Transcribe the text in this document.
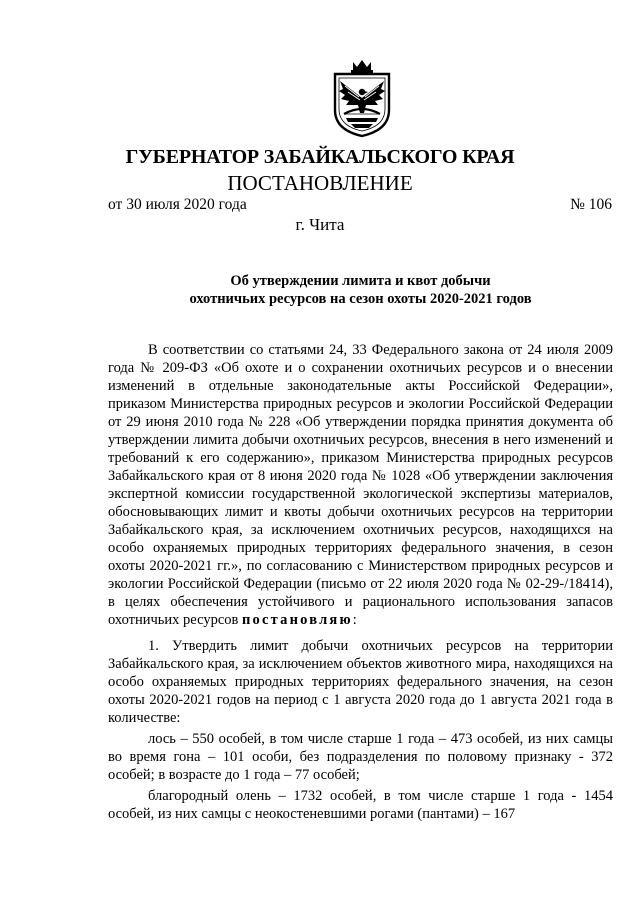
ГУБЕРНАТОР ЗАБАЙКАЛЬСКОГО КРАЯ
ПОСТАНОВЛЕНИЕ
от 30 июля 2020 года	№ 106
г. Чита
Об утверждении лимита и квот добычи
охотничьих ресурсов на сезон охоты 2020-2021 годов

В соответствии со статьями 24, 33 Федерального закона от 24 июля 2009 года № 209-ФЗ «Об охоте и о сохранении охотничьих ресурсов и о внесении изменений в отдельные законодательные акты Российской Федерации», приказом Министерства природных ресурсов и экологии Российской Федерации от 29 июня 2010 года № 228 «Об утверждении порядка принятия документа об утверждении лимита добычи охотничьих ресурсов, внесения в него изменений и требований к его содержанию», приказом Министерства природных ресурсов Забайкальского края от 8 июня 2020 года № 1028 «Об утверждении заключения экспертной комиссии государственной экологической экспертизы материалов, обосновывающих лимит и квоты добычи охотничьих ресурсов на территории Забайкальского края, за исключением охотничьих ресурсов, находящихся на особо охраняемых природных территориях федерального значения, в сезон охоты 2020-2021 гг.», по согласованию с Министерством природных ресурсов и экологии Российской Федерации (письмо от 22 июля 2020 года № 02-29-/18414), в целях обеспечения устойчивого и рационального использования запасов охотничьих ресурсов постановляю:

1. Утвердить лимит добычи охотничьих ресурсов на территории Забайкальского края, за исключением объектов животного мира, находящихся на особо охраняемых природных территориях федерального значения, на сезон охоты 2020-2021 годов на период с 1 августа 2020 года до 1 августа 2021 года в количестве:

лось – 550 особей, в том числе старше 1 года – 473 особей, из них самцы во время гона – 101 особи, без подразделения по половому признаку - 372 особей; в возрасте до 1 года – 77 особей;

благородный олень – 1732 особей, в том числе старше 1 года - 1454 особей, из них самцы с неокостеневшими рогами (пантами) – 167
